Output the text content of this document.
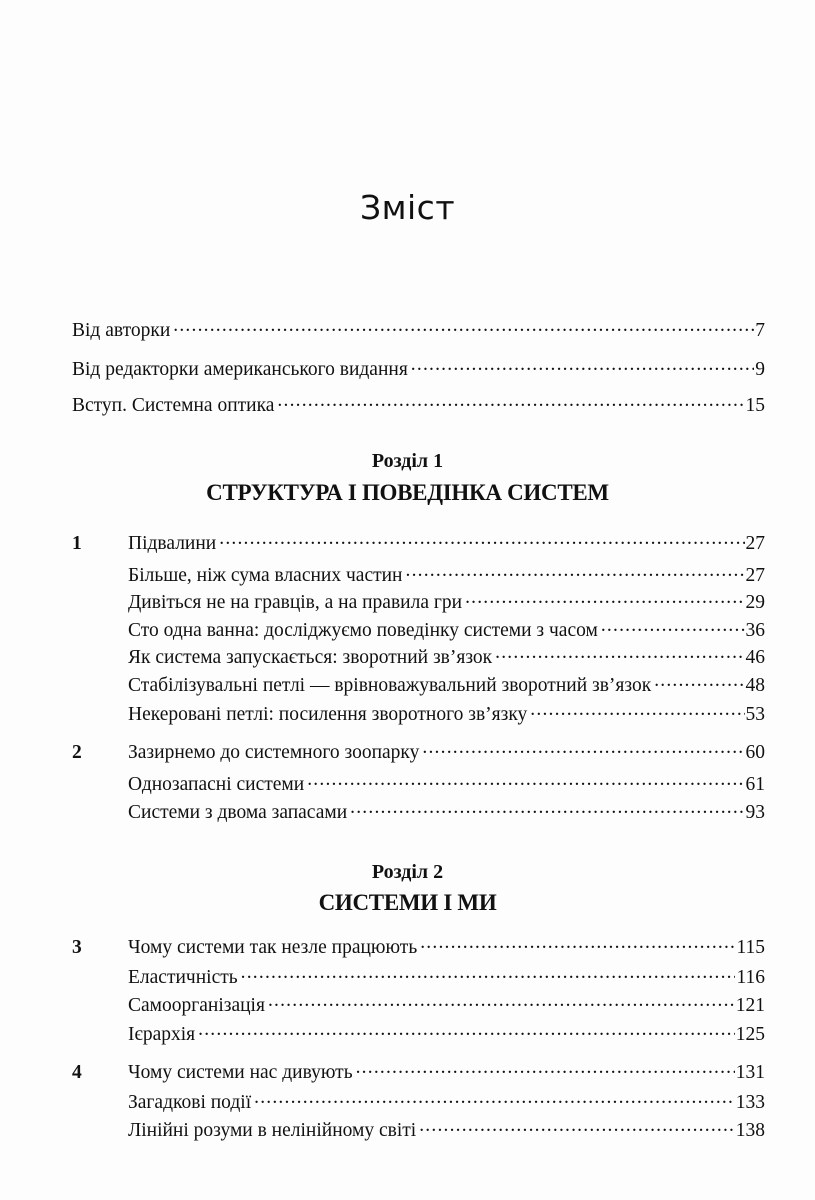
Зміст
Від авторки .....	7
Від редакторки американського видання .....	9
Вступ. Системна оптика .....	15
Розділ 1
СТРУКТУРА І ПОВЕДІНКА СИСТЕМ
1	Підвалини .....	27
Більше, ніж сума власних частин .....	27
Дивіться не на гравців, а на правила гри .....	29
Сто одна ванна: досліджуємо поведінку системи з часом .....	36
Як система запускається: зворотний зв’язок .....	46
Стабілізувальні петлі — врівноважувальний зворотний зв’язок .....	48
Некеровані петлі: посилення зворотного зв’язку .....	53
2	Зазирнемо до системного зоопарку .....	60
Однозапасні системи .....	61
Системи з двома запасами .....	93
Розділ 2
СИСТЕМИ І МИ
3	Чому системи так незле працюють .....	115
Еластичність .....	116
Самоорганізація .....	121
Ієрархія .....	125
4	Чому системи нас дивують .....	131
Загадкові події .....	133
Лінійні розуми в нелінійному світі .....	138
